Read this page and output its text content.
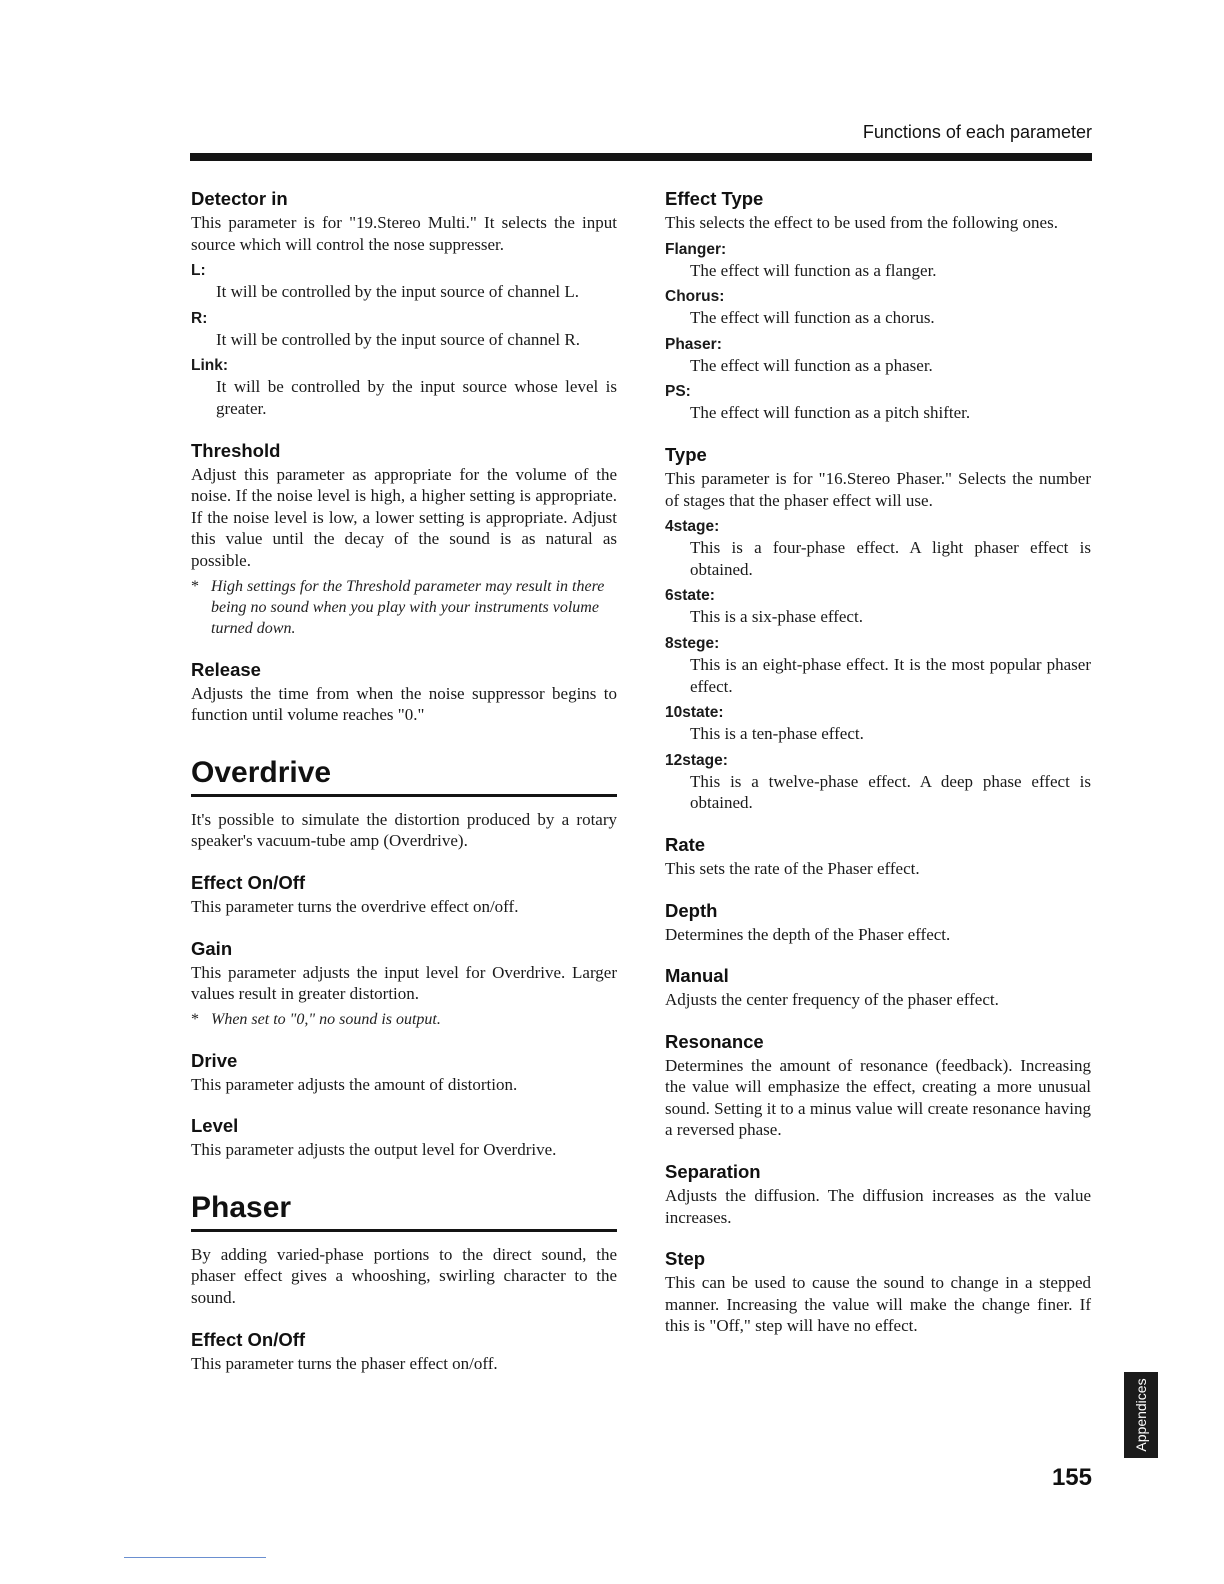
Functions of each parameter
Detector in

This parameter is for "19.Stereo Multi." It selects the input source which will control the nose suppresser.

L:

It will be controlled by the input source of channel L.

R:

It will be controlled by the input source of channel R.

Link:

It will be controlled by the input source whose level is greater.

Threshold

Adjust this parameter as appropriate for the volume of the noise. If the noise level is high, a higher setting is appropriate. If the noise level is low, a lower setting is appropriate. Adjust this value until the decay of the sound is as natural as possible.

* High settings for the Threshold parameter may result in there being no sound when you play with your instruments volume turned down.

Release

Adjusts the time from when the noise suppressor begins to function until volume reaches "0."

Overdrive

It's possible to simulate the distortion produced by a rotary speaker's vacuum-tube amp (Overdrive).

Effect On/Off

This parameter turns the overdrive effect on/off.

Gain

This parameter adjusts the input level for Overdrive. Larger values result in greater distortion.

* When set to "0," no sound is output.

Drive

This parameter adjusts the amount of distortion.

Level

This parameter adjusts the output level for Overdrive.

Phaser

By adding varied-phase portions to the direct sound, the phaser effect gives a whooshing, swirling character to the sound.

Effect On/Off

This parameter turns the phaser effect on/off.

Effect Type

This selects the effect to be used from the following ones.

Flanger:

The effect will function as a flanger.

Chorus:

The effect will function as a chorus.

Phaser:

The effect will function as a phaser.

PS:

The effect will function as a pitch shifter.

Type

This parameter is for "16.Stereo Phaser." Selects the number of stages that the phaser effect will use.

4stage:

This is a four-phase effect. A light phaser effect is obtained.

6state:

This is a six-phase effect.

8stege:

This is an eight-phase effect. It is the most popular phaser effect.

10state:

This is a ten-phase effect.

12stage:

This is a twelve-phase effect. A deep phase effect is obtained.

Rate

This sets the rate of the Phaser effect.

Depth

Determines the depth of the Phaser effect.

Manual

Adjusts the center frequency of the phaser effect.

Resonance

Determines the amount of resonance (feedback). Increasing the value will emphasize the effect, creating a more unusual sound. Setting it to a minus value will create resonance having a reversed phase.

Separation

Adjusts the diffusion. The diffusion increases as the value increases.

Step

This can be used to cause the sound to change in a stepped manner. Increasing the value will make the change finer. If this is "Off," step will have no effect.

Appendices
155
